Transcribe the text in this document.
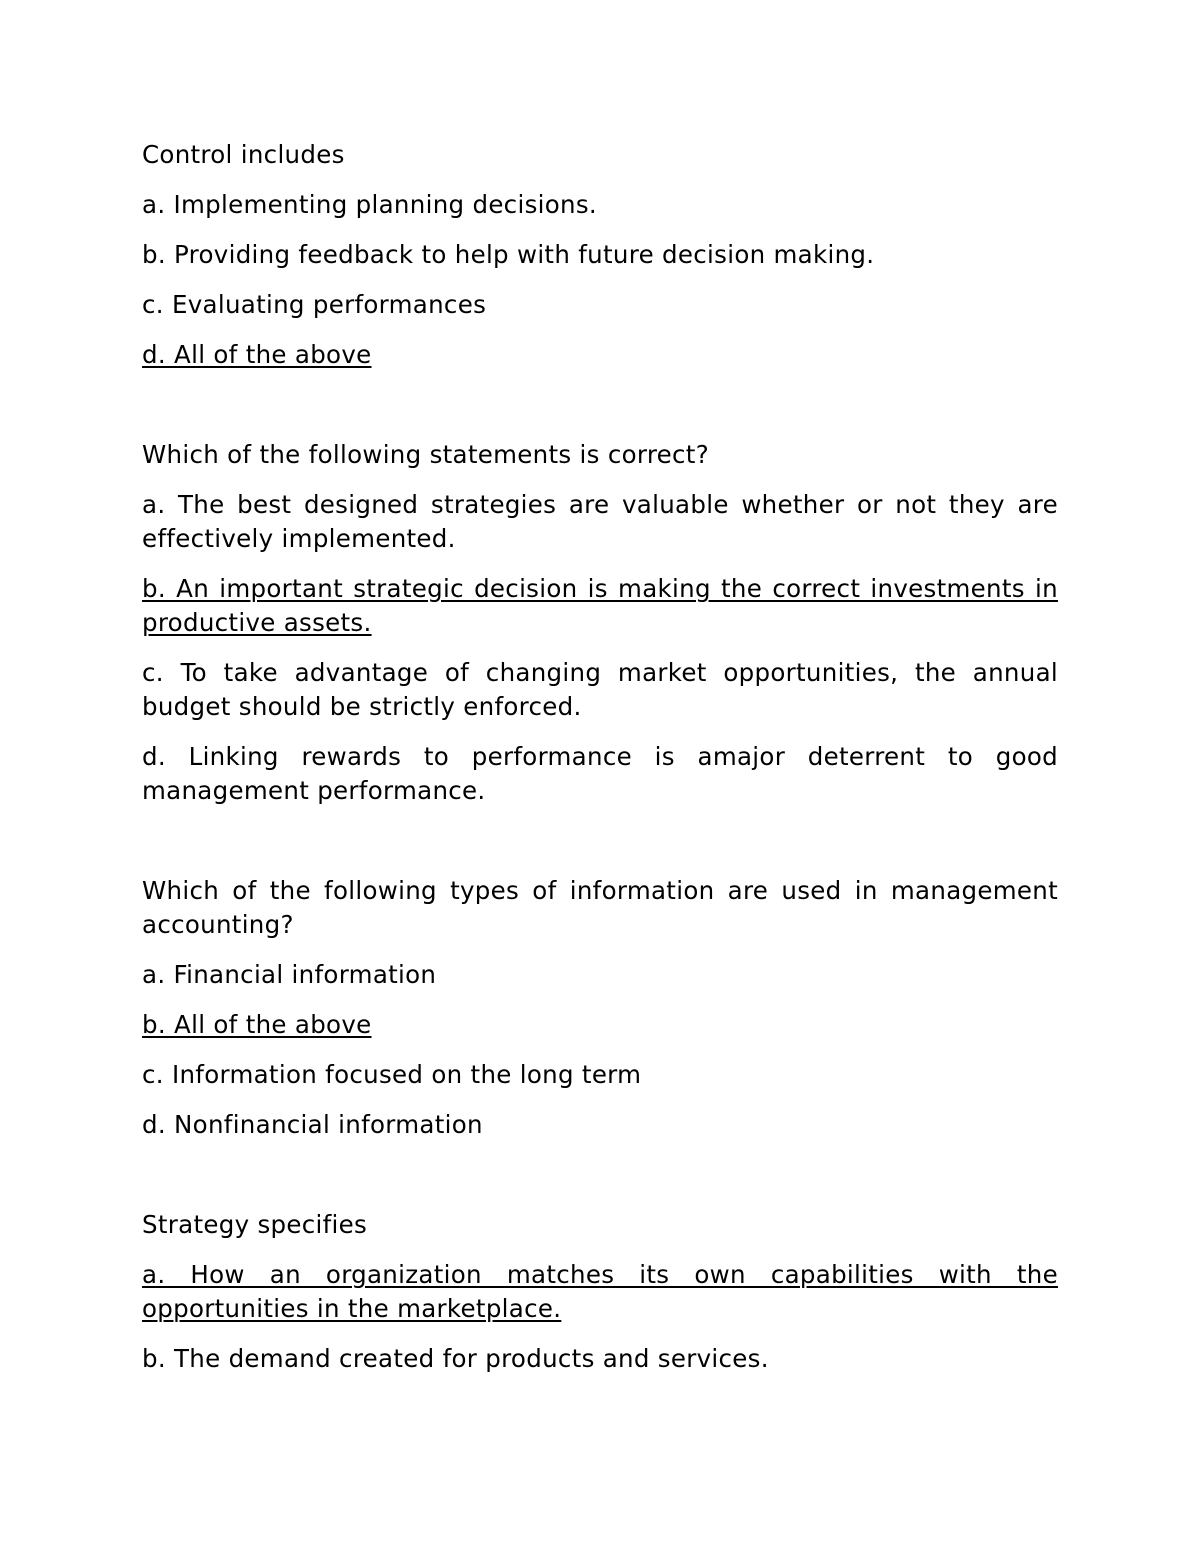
Control includes

a. Implementing planning decisions.

b. Providing feedback to help with future decision making.

c. Evaluating performances

d. All of the above

Which of the following statements is correct?

a. The best designed strategies are valuable whether or not they are effectively implemented.

b. An important strategic decision is making the correct investments in productive assets.

c. To take advantage of changing market opportunities, the annual budget should be strictly enforced.

d. Linking rewards to performance is amajor deterrent to good management performance.

Which of the following types of information are used in management accounting?

a. Financial information

b. All of the above

c. Information focused on the long term

d. Nonfinancial information

Strategy specifies

a. How an organization matches its own capabilities with the opportunities in the marketplace.

b. The demand created for products and services.
